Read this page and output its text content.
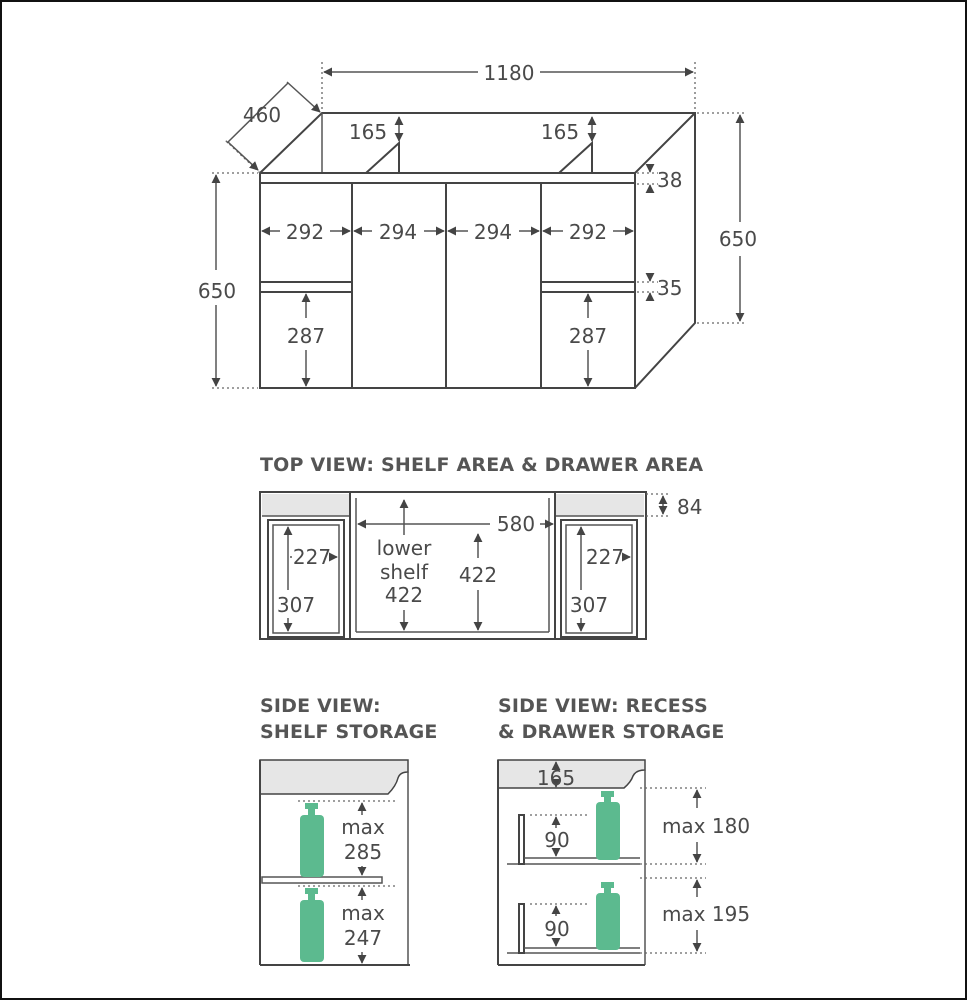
1180
460
165	165
38
292	294	294	292
650
650
35
287	287
84
580
lower
shelf
422
422
307
227
307
227
max
285
max
247
165
90
90
max 180
max 195
TOP VIEW: SHELF AREA & DRAWER AREA
SIDE VIEW:
SHELF STORAGE
SIDE VIEW: RECESS
& DRAWER STORAGE
